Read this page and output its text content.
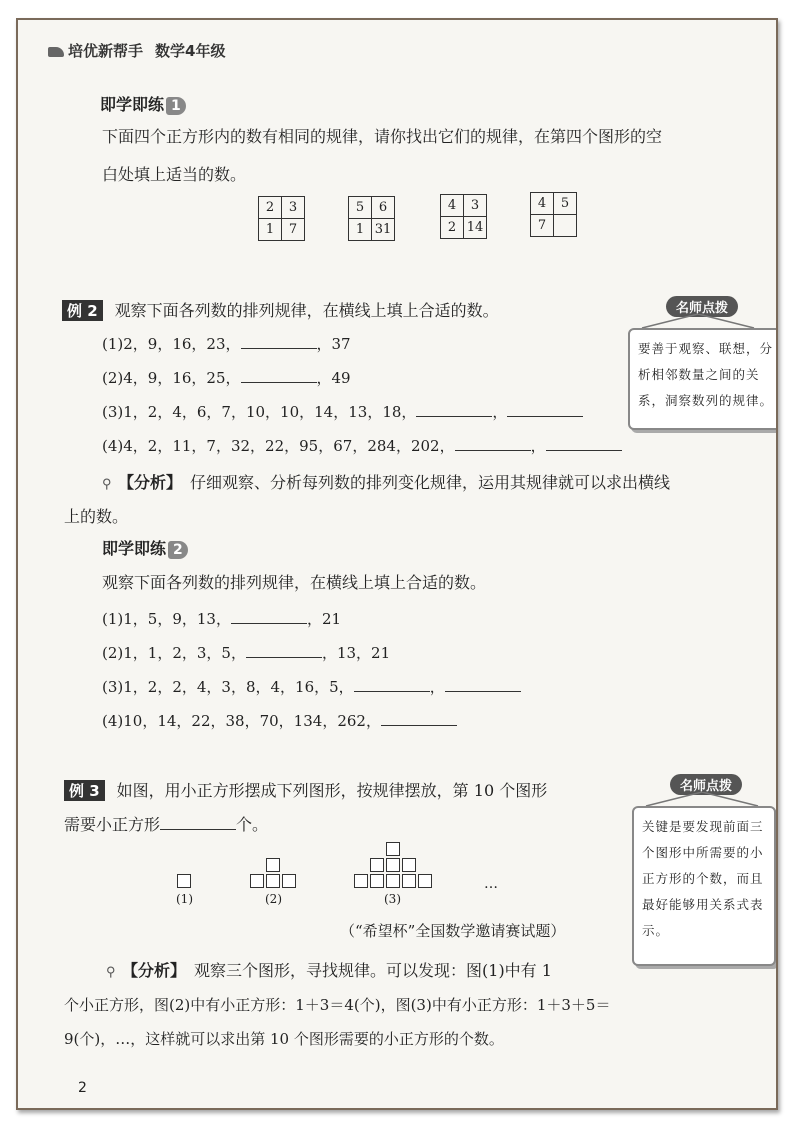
培优新帮手 数学4年级
即学即练 1
下面四个正方形内的数有相同的规律，请你找出它们的规律，在第四个图形的空
白处填上适当的数。
2	3
1	7
5	6
1	31
4	3
2	14
4	5
7	
例 2 观察下面各列数的排列规律，在横线上填上合适的数。
(1)2，9，16，23，	，37
(2)4，9，16，25，	，49
(3)1，2，4，6，7，10，10，14，13，18，	，
(4)4，2，11，7，32，22，95，67，284，202，	，
⚲ 【分析】 仔细观察、分析每列数的排列变化规律，运用其规律就可以求出横线
上的数。
名师点拨
要善于观察、联想，分析相邻数量之间的关系，洞察数列的规律。
即学即练 2
观察下面各列数的排列规律，在横线上填上合适的数。
(1)1，5，9，13，	，21
(2)1，1，2，3，5，	，13，21
(3)1，2，2，4，3，8，4，16，5，	，
(4)10，14，22，38，70，134，262，
例 3 如图，用小正方形摆成下列图形，按规律摆放，第 10 个图形
需要小正方形	个。
(1)	(2)	(3)
…
（“希望杯”全国数学邀请赛试题）
⚲ 【分析】 观察三个图形，寻找规律。可以发现：图(1)中有 1
个小正方形，图(2)中有小正方形：1＋3＝4(个)，图(3)中有小正方形：1＋3＋5＝
9(个)，…，这样就可以求出第 10 个图形需要的小正方形的个数。
名师点拨
关键是要发现前面三个图形中所需要的小正方形的个数，而且最好能够用关系式表示。
2
